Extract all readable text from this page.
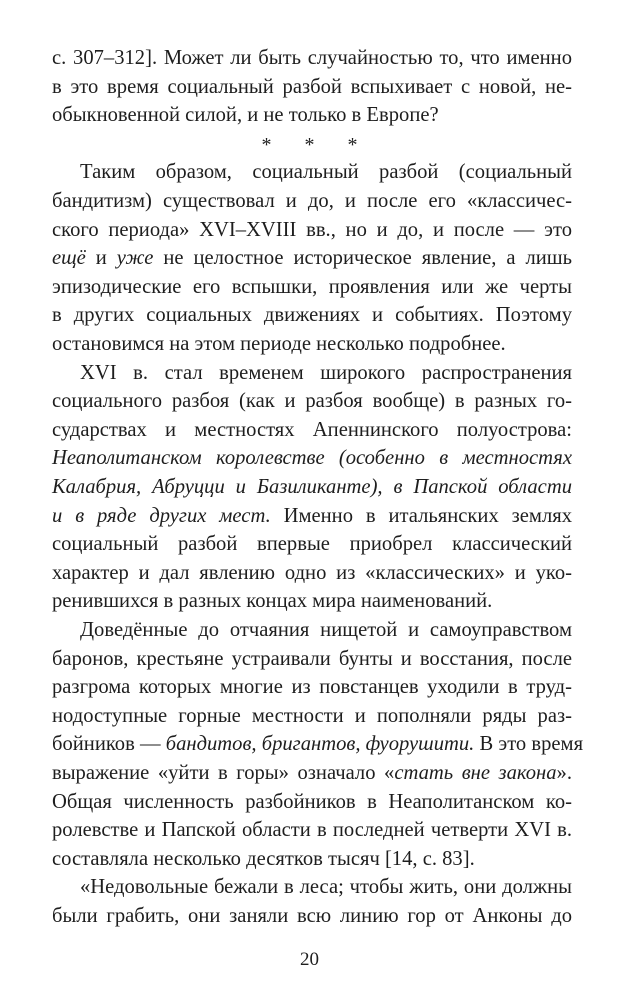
с. 307–312]. Может ли быть случайностью то, что именно
в это время социальный разбой вспыхивает с новой, не-
обыкновенной силой, и не только в Европе?
* * *
Таким образом, социальный разбой (социальный
бандитизм) существовал и до, и после его «классичес-
ского периода» XVI–XVIII вв., но и до, и после — это
ещё и уже не целостное историческое явление, а лишь
эпизодические его вспышки, проявления или же черты
в других социальных движениях и событиях. Поэтому
остановимся на этом периоде несколько подробнее.
XVI в. стал временем широкого распространения
социального разбоя (как и разбоя вообще) в разных го-
сударствах и местностях Апеннинского полуострова:
Неаполитанском королевстве (особенно в местностях
Калабрия, Абруцци и Базиликанте), в Папской области
и в ряде других мест. Именно в итальянских землях
социальный разбой впервые приобрел классический
характер и дал явлению одно из «классических» и уко-
ренившихся в разных концах мира наименований.
Доведённые до отчаяния нищетой и самоуправством
баронов, крестьяне устраивали бунты и восстания, после
разгрома которых многие из повстанцев уходили в труд-
нодоступные горные местности и пополняли ряды раз-
бойников — бандитов, бригантов, фуорушити. В это время
выражение «уйти в горы» означало «стать вне закона».
Общая численность разбойников в Неаполитанском ко-
ролевстве и Папской области в последней четверти XVI в.
составляла несколько десятков тысяч [14, с. 83].
«Недовольные бежали в леса; чтобы жить, они должны
были грабить, они заняли всю линию гор от Анконы до
20
